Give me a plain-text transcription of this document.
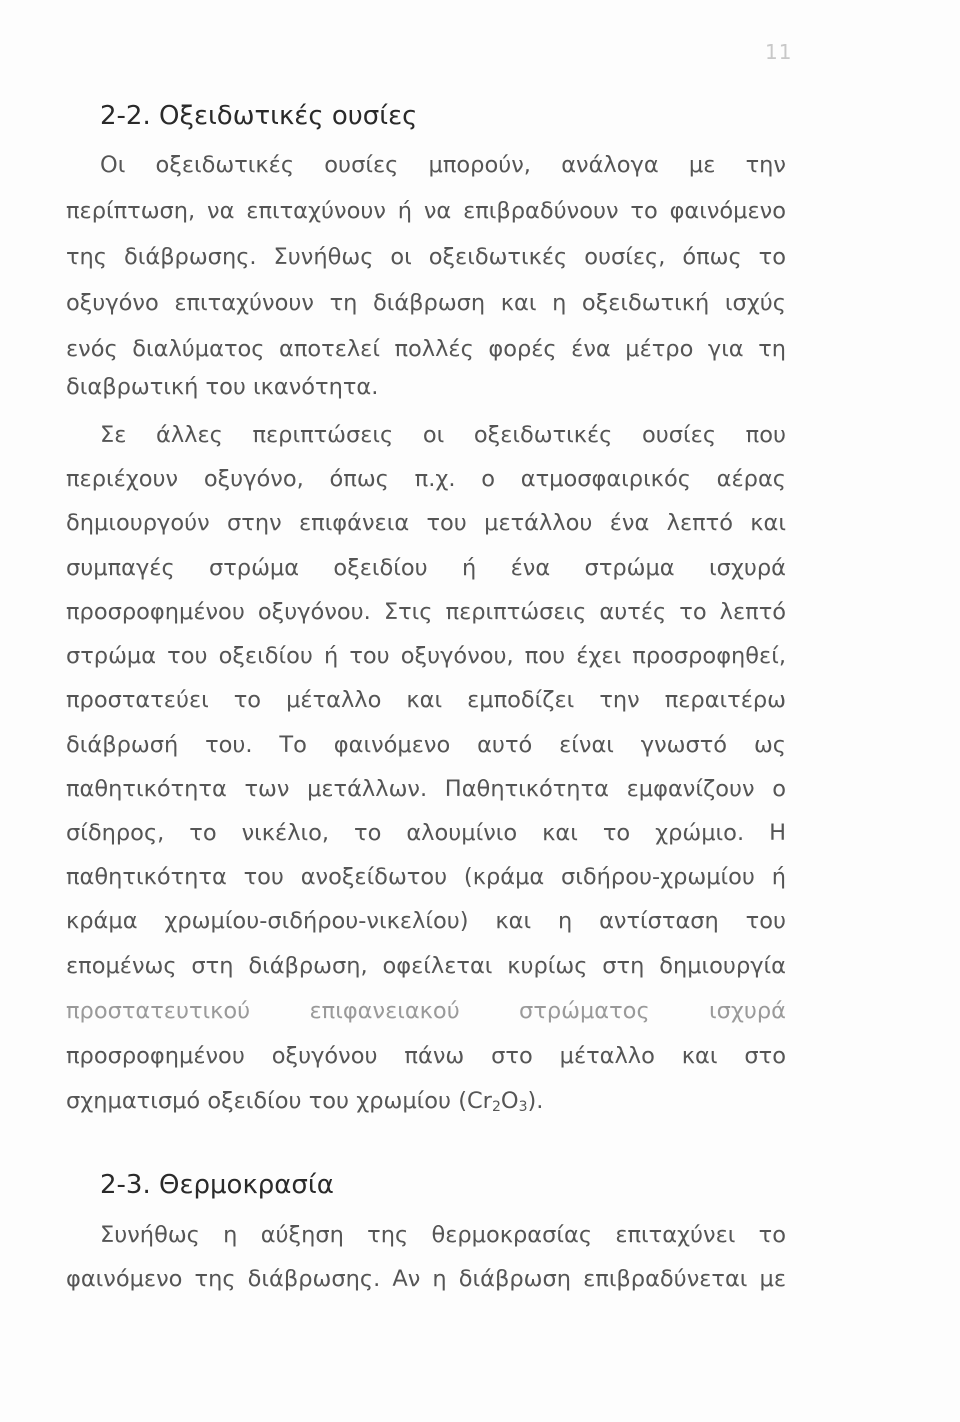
11
2-2. Οξειδωτικές ουσίες
Οι οξειδωτικές ουσίες μπορούν, ανάλογα με την
περίπτωση, να επιταχύνουν ή να επιβραδύνουν το φαινόμενο
της διάβρωσης. Συνήθως οι οξειδωτικές ουσίες, όπως το
οξυγόνο επιταχύνουν τη διάβρωση και η οξειδωτική ισχύς
ενός διαλύματος αποτελεί πολλές φορές ένα μέτρο για τη
διαβρωτική του ικανότητα.
Σε άλλες περιπτώσεις οι οξειδωτικές ουσίες που
περιέχουν οξυγόνο, όπως π.χ. ο ατμοσφαιρικός αέρας
δημιουργούν στην επιφάνεια του μετάλλου ένα λεπτό και
συμπαγές στρώμα οξειδίου ή ένα στρώμα ισχυρά
προσροφημένου οξυγόνου. Στις περιπτώσεις αυτές το λεπτό
στρώμα του οξειδίου ή του οξυγόνου, που έχει προσροφηθεί,
προστατεύει το μέταλλο και εμποδίζει την περαιτέρω
διάβρωσή του. Το φαινόμενο αυτό είναι γνωστό ως
παθητικότητα των μετάλλων. Παθητικότητα εμφανίζουν ο
σίδηρος, το νικέλιο, το αλουμίνιο και το χρώμιο. Η
παθητικότητα του ανοξείδωτου (κράμα σιδήρου-χρωμίου ή
κράμα χρωμίου-σιδήρου-νικελίου) και η αντίσταση του
επομένως στη διάβρωση, οφείλεται κυρίως στη δημιουργία
προστατευτικού επιφανειακού στρώματος ισχυρά
προσροφημένου οξυγόνου πάνω στο μέταλλο και στο
σχηματισμό οξειδίου του χρωμίου $(Cr_2O_3)$.
2-3. Θερμοκρασία
Συνήθως η αύξηση της θερμοκρασίας επιταχύνει το
φαινόμενο της διάβρωσης. Αν η διάβρωση επιβραδύνεται με
